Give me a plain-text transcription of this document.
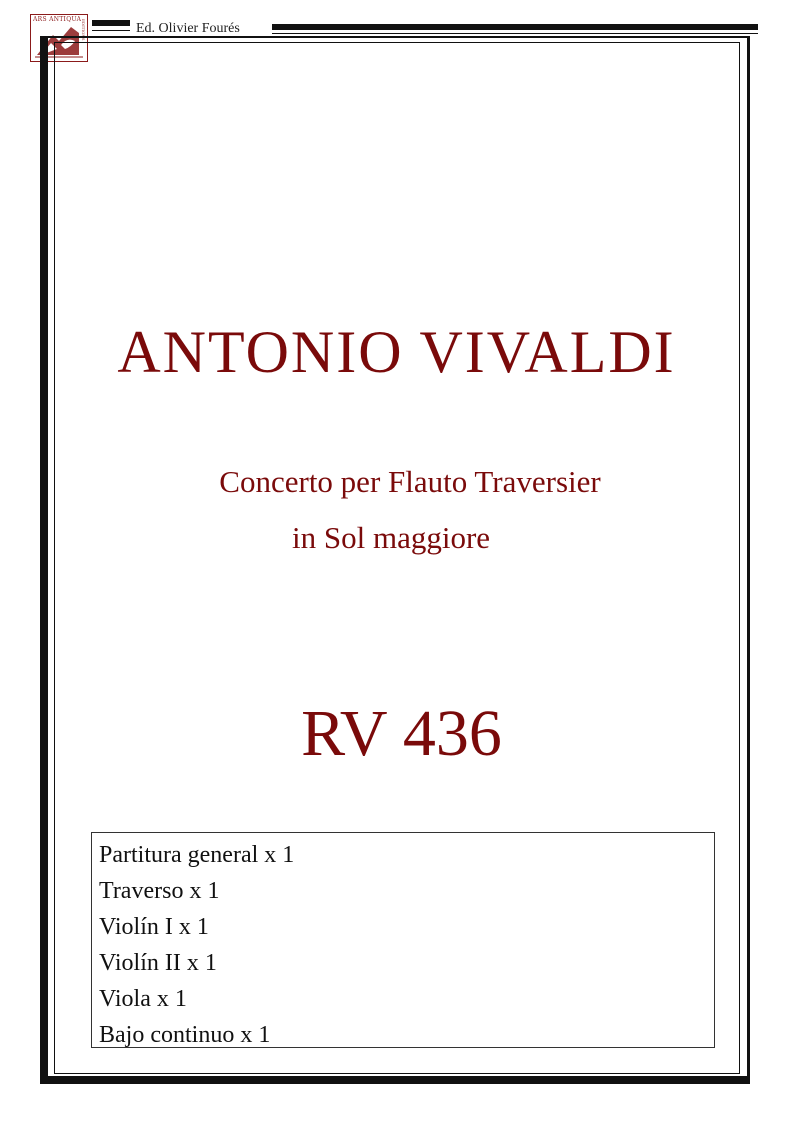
ARS ANTIQUA EDITIONS	Ed. Olivier Fourés
ANTONIO VIVALDI

Concerto per Flauto Traversier

in Sol maggiore

RV 436

Partitura general x 1
Traverso x 1
Violín I x 1
Violín II x 1
Viola x 1
Bajo continuo x 1
